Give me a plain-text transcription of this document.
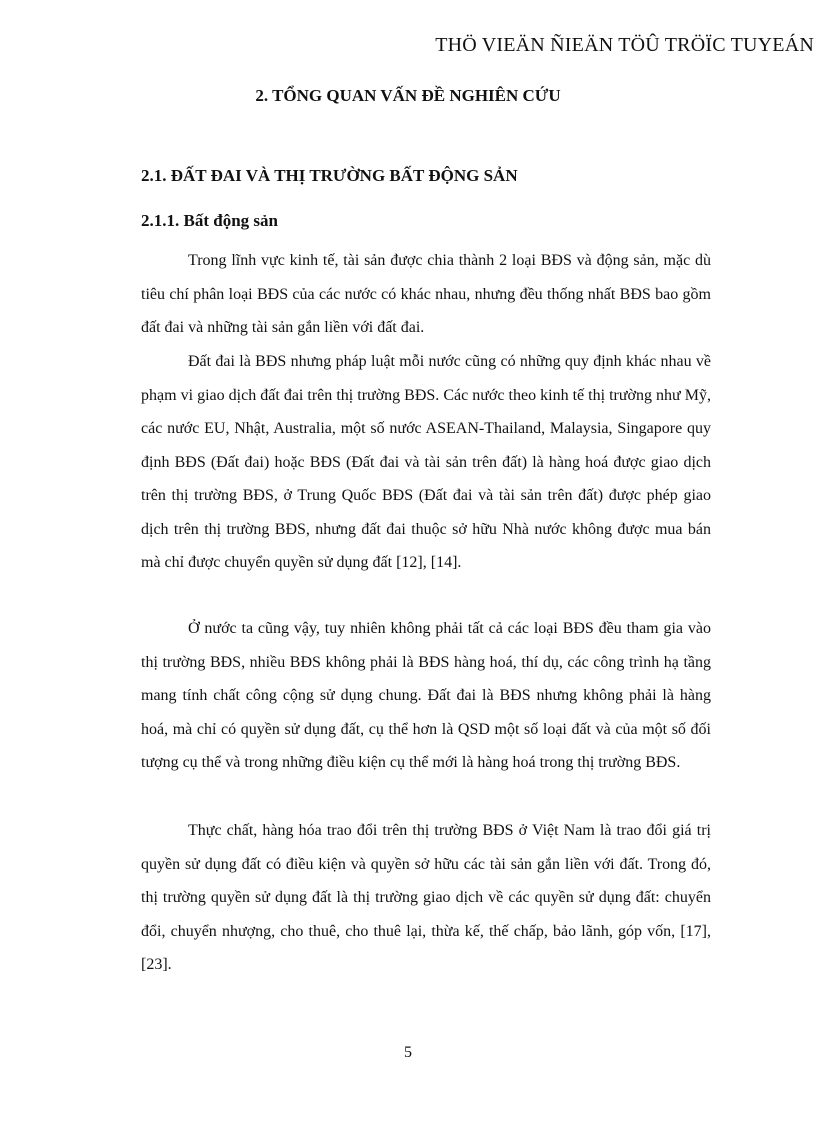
THÖ VIEÄN ÑIEÄN TÖÛ TRÖÏC TUYEÁN
2. TỔNG QUAN VẤN ĐỀ NGHIÊN CỨU
2.1. ĐẤT ĐAI VÀ THỊ TRƯỜNG BẤT ĐỘNG SẢN
2.1.1. Bất động sản

Trong lĩnh vực kinh tế, tài sản được chia thành 2 loại BĐS và động sản, mặc dù tiêu chí phân loại BĐS của các nước có khác nhau, nhưng đều thống nhất BĐS bao gồm đất đai và những tài sản gắn liền với đất đai.

Đất đai là BĐS nhưng pháp luật mỗi nước cũng có những quy định khác nhau về phạm vi giao dịch đất đai trên thị trường BĐS. Các nước theo kinh tế thị trường như Mỹ, các nước EU, Nhật, Australia, một số nước ASEAN-Thailand, Malaysia, Singapore quy định BĐS (Đất đai) hoặc BĐS (Đất đai và tài sản trên đất) là hàng hoá được giao dịch trên thị trường BĐS, ở Trung Quốc BĐS (Đất đai và tài sản trên đất) được phép giao dịch trên thị trường BĐS, nhưng đất đai thuộc sở hữu Nhà nước không được mua bán mà chỉ được chuyển quyền sử dụng đất [12], [14].

Ở nước ta cũng vậy, tuy nhiên không phải tất cả các loại BĐS đều tham gia vào thị trường BĐS, nhiều BĐS không phải là BĐS hàng hoá, thí dụ, các công trình hạ tầng mang tính chất công cộng sử dụng chung. Đất đai là BĐS nhưng không phải là hàng hoá, mà chỉ có quyền sử dụng đất, cụ thể hơn là QSD một số loại đất và của một số đối tượng cụ thể và trong những điều kiện cụ thể mới là hàng hoá trong thị trường BĐS.

Thực chất, hàng hóa trao đổi trên thị trường BĐS ở Việt Nam là trao đổi giá trị quyền sử dụng đất có điều kiện và quyền sở hữu các tài sản gắn liền với đất. Trong đó, thị trường quyền sử dụng đất là thị trường giao dịch về các quyền sử dụng đất: chuyển đổi, chuyển nhượng, cho thuê, cho thuê lại, thừa kế, thế chấp, bảo lãnh, góp vốn, [17], [23].

5
